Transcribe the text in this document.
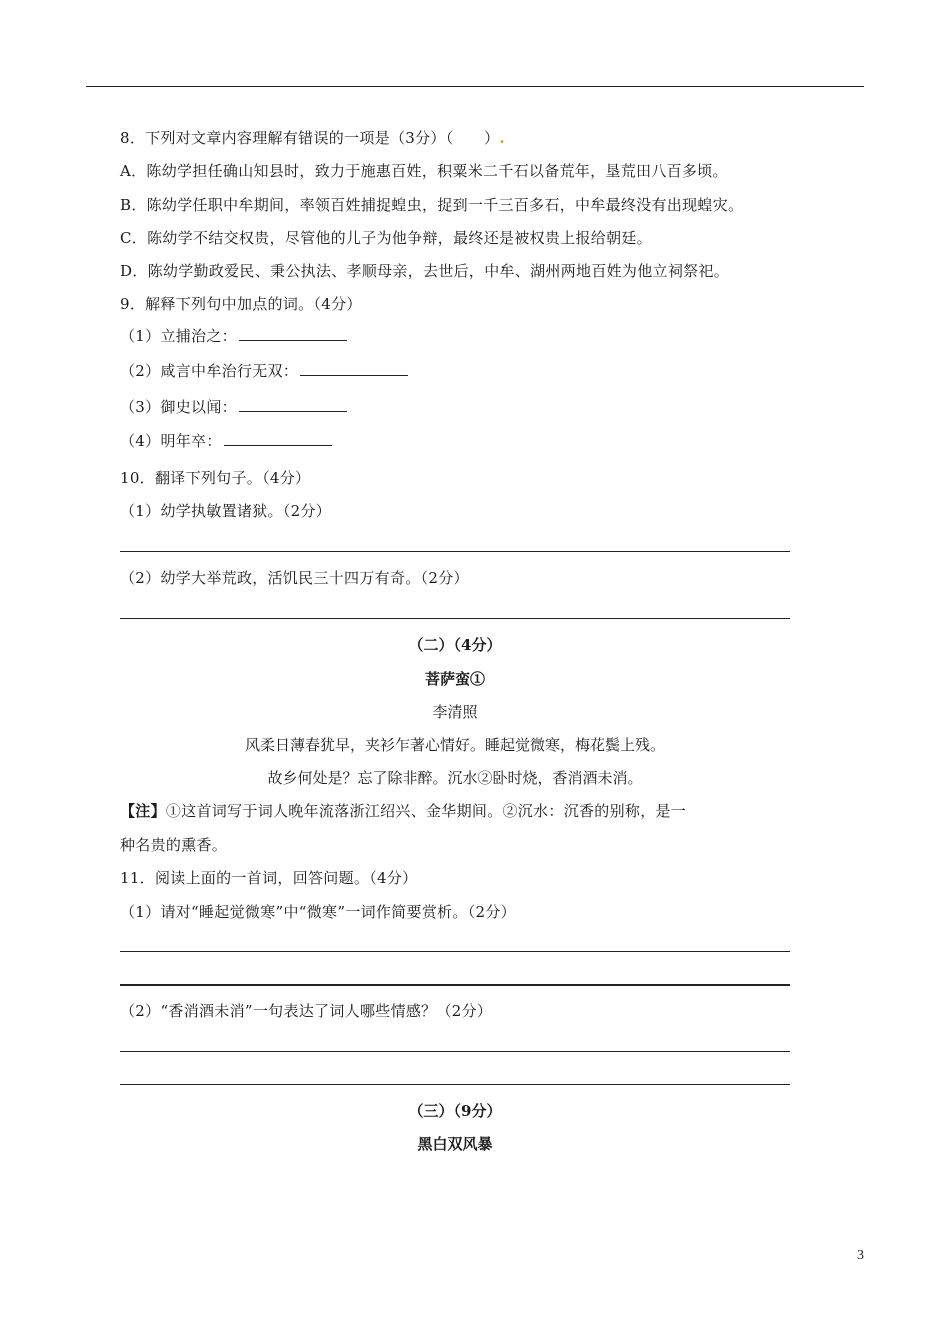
8．下列对文章内容理解有错误的一项是（3分）（　　）.
A．陈幼学担任确山知县时，致力于施惠百姓，积粟米二千石以备荒年，垦荒田八百多顷。
B．陈幼学任职中牟期间，率领百姓捕捉蝗虫，捉到一千三百多石，中牟最终没有出现蝗灾。
C．陈幼学不结交权贵，尽管他的儿子为他争辩，最终还是被权贵上报给朝廷。
D．陈幼学勤政爱民、秉公执法、孝顺母亲，去世后，中牟、湖州两地百姓为他立祠祭祀。
9．解释下列句中加点的词。（4分）
（1）立捕治之：
（2）咸言中牟治行无双：
（3）御史以闻：
（4）明年卒：
10．翻译下列句子。（4分）
（1）幼学执敏置诸狱。（2分）
（2）幼学大举荒政，活饥民三十四万有奇。（2分）
（二）（4分）
菩萨蛮①
李清照
风柔日薄春犹早，夹衫乍著心情好。睡起觉微寒，梅花鬓上残。
故乡何处是？忘了除非醉。沉水②卧时烧，香消酒未消。
【注】①这首词写于词人晚年流落浙江绍兴、金华期间。②沉水：沉香的别称，是一
种名贵的熏香。
11．阅读上面的一首词，回答问题。（4分）
（1）请对“睡起觉微寒”中“微寒”一词作简要赏析。（2分）
（2）“香消酒未消”一句表达了词人哪些情感？（2分）
（三）（9分）
黑白双风暴
3
